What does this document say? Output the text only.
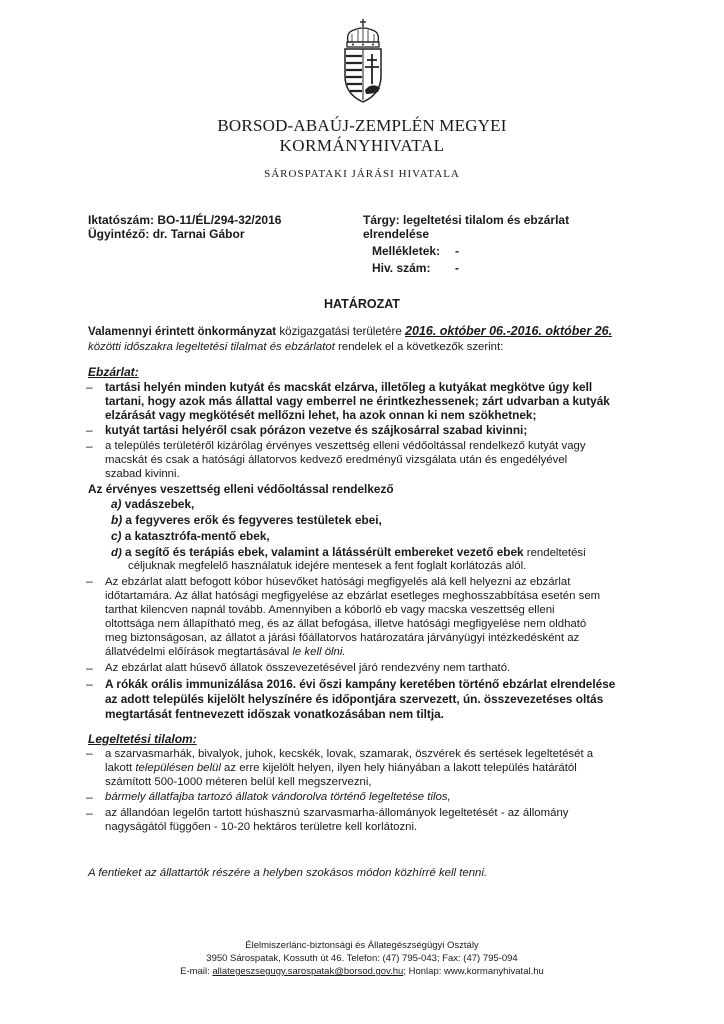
BORSOD-ABAÚJ-ZEMPLÉN MEGYEI
KORMÁNYHIVATAL
SÁROSPATAKI JÁRÁSI HIVATALA
Iktatószám: BO-11/ÉL/294-32/2016
Ügyintéző: dr. Tarnai Gábor
Tárgy: legeltetési tilalom és ebzárlat
elrendelése
Mellékletek: -
Hiv. szám: -
HATÁROZAT
Valamennyi érintett önkormányzat közigazgatási területére 2016. október 06.-2016. október 26.
közötti időszakra legeltetési tilalmat és ebzárlatot rendelek el a következők szerint:
Ebzárlat:
– tartási helyén minden kutyát és macskát elzárva, illetőleg a kutyákat megkötve úgy kell
tartani, hogy azok más állattal vagy emberrel ne érintkezhessenek; zárt udvarban a kutyák
elzárását vagy megkötését mellőzni lehet, ha azok onnan ki nem szökhetnek;
– kutyát tartási helyéről csak pórázon vezetve és szájkosárral szabad kivinni;
– a település területéről kizárólag érvényes veszettség elleni védőoltással rendelkező kutyát vagy
macskát és csak a hatósági állatorvos kedvező eredményű vizsgálata után és engedélyével
szabad kivinni.
Az érvényes veszettség elleni védőoltással rendelkező
a) vadászebek,
b) a fegyveres erők és fegyveres testületek ebei,
c) a katasztrófa-mentő ebek,
d) a segítő és terápiás ebek, valamint a látássérült embereket vezető ebek rendeltetési
céljuknak megfelelő használatuk idejére mentesek a fent foglalt korlátozás alól.
– Az ebzárlat alatt befogott kóbor húsevőket hatósági megfigyelés alá kell helyezni az ebzárlat
időtartamára. Az állat hatósági megfigyelése az ebzárlat esetleges meghosszabbítása esetén sem
tarthat kilencven napnál tovább. Amennyiben a kóborló eb vagy macska veszettség elleni
oltottsága nem állapítható meg, és az állat befogása, illetve hatósági megfigyelése nem oldható
meg biztonságosan, az állatot a járási főállatorvos határozatára járványügyi intézkedésként az
állatvédelmi előírások megtartásával le kell ölni.
– Az ebzárlat alatt húsevő állatok összevezetésével járó rendezvény nem tartható.
– A rókák orális immunizálása 2016. évi őszi kampány keretében történő ebzárlat elrendelése
az adott település kijelölt helyszínére és időpontjára szervezett, ún. összevezetéses oltás
megtartását fentnevezett időszak vonatkozásában nem tiltja.
Legeltetési tilalom:
– a szarvasmarhák, bivalyok, juhok, kecskék, lovak, szamarak, öszvérek és sertések legeltetését a
lakott településen belül az erre kijelölt helyen, ilyen hely hiányában a lakott település határától
számított 500-1000 méteren belül kell megszervezni,
– bármely állatfajba tartozó állatok vándorolva történő legeltetése tilos,
– az állandóan legelőn tartott húshasznú szarvasmarha-állományok legeltetését - az állomány
nagyságától függően - 10-20 hektáros területre kell korlátozni.
A fentieket az állattartók részére a helyben szokásos módon közhírré kell tenni.
Élelmiszerlánc-biztonsági és Állategészségügyi Osztály
3950 Sárospatak, Kossuth út 46. Telefon: (47) 795-043; Fax: (47) 795-094
E-mail: allategeszsegugy.sarospatak@borsod.gov.hu; Honlap: www.kormanyhivatal.hu
